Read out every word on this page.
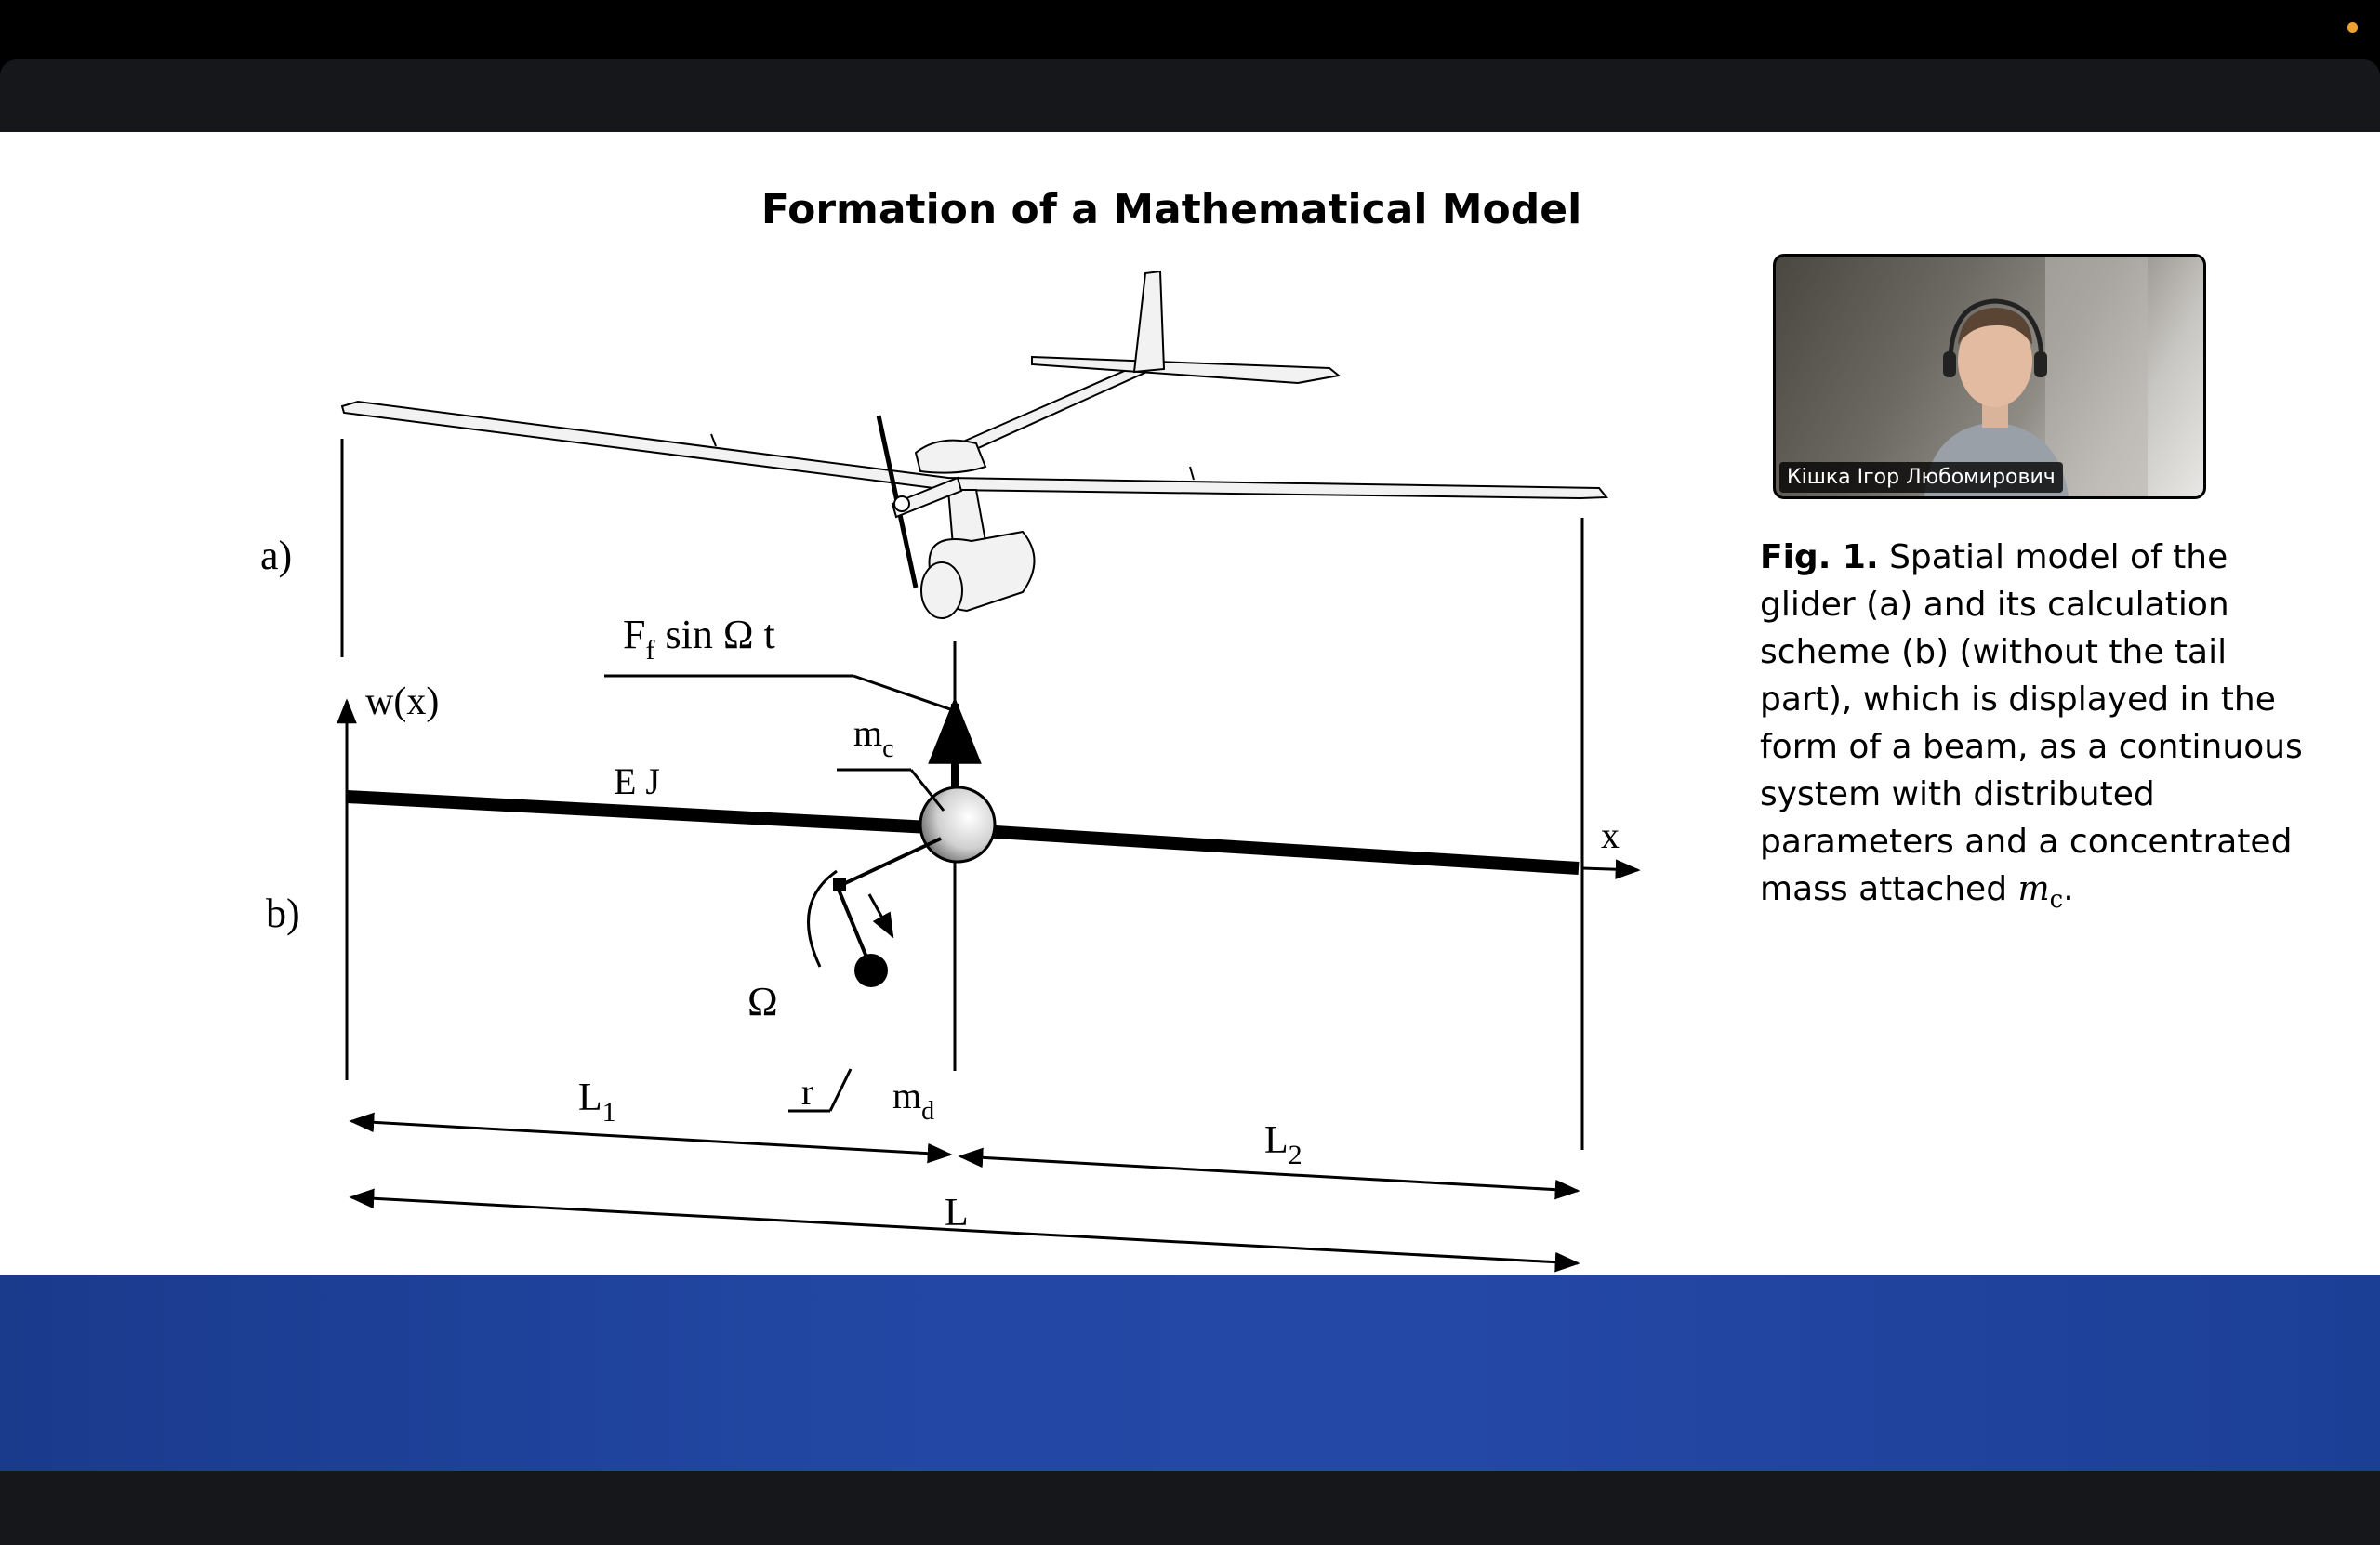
Formation of a Mathematical Model
a)
b)
$F_f$ sin Ω t
w(x)
x
E J
$m_c$
Ω
r $m_d$
$L_1$
$L_2$
L
Кішка Ігор Любомирович
Fig. 1. Spatial model of the glider (a) and its calculation scheme (b) (without the tail part), which is displayed in the form of a beam, as a continuous system with distributed parameters and a concentrated mass attached $m_c$.
